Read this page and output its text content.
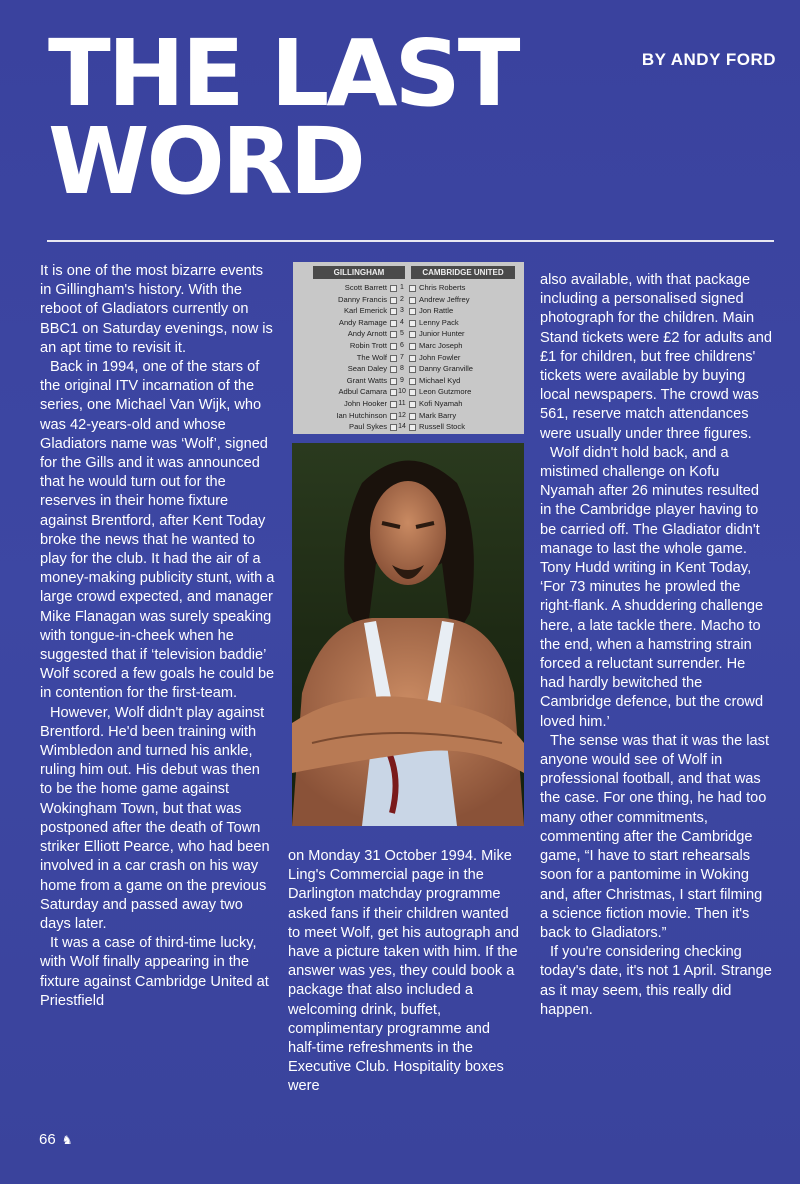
THE LAST
WORD
BY ANDY FORD

It is one of the most bizarre events in Gillingham's history. With the reboot of Gladiators currently on BBC1 on Saturday evenings, now is an apt time to revisit it.

Back in 1994, one of the stars of the original ITV incarnation of the series, one Michael Van Wijk, who was 42-years-old and whose Gladiators name was ‘Wolf’, signed for the Gills and it was announced that he would turn out for the reserves in their home fixture against Brentford, after Kent Today broke the news that he wanted to play for the club. It had the air of a money-making publicity stunt, with a large crowd expected, and manager Mike Flanagan was surely speaking with tongue-in-cheek when he suggested that if ‘television baddie’ Wolf scored a few goals he could be in contention for the first-team.

However, Wolf didn't play against Brentford. He'd been training with Wimbledon and turned his ankle, ruling him out. His debut was then to be the home game against Wokingham Town, but that was postponed after the death of Town striker Elliott Pearce, who had been involved in a car crash on his way home from a game on the previous Saturday and passed away two days later.

It was a case of third-time lucky, with Wolf finally appearing in the fixture against Cambridge United at Priestfield

GILLINGHAM	CAMBRIDGE UNITED
Scott Barrett	1	Chris Roberts
Danny Francis	2	Andrew Jeffrey
Karl Emerick	3	Jon Rattle
Andy Ramage	4	Lenny Pack
Andy Arnott	5	Junior Hunter
Robin Trott	6	Marc Joseph
The Wolf	7	John Fowler
Sean Daley	8	Danny Granville
Grant Watts	9	Michael Kyd
Adbul Camara 10 Leon Gutzmore
John Hooker	11	Kofi Nyamah
Ian Hutchinson 12 Mark Barry
Paul Sykes 14 Russell Stock

on Monday 31 October 1994. Mike Ling's Commercial page in the Darlington matchday programme asked fans if their children wanted to meet Wolf, get his autograph and have a picture taken with him. If the answer was yes, they could book a package that also included a welcoming drink, buffet, complimentary programme and half-time refreshments in the Executive Club. Hospitality boxes were

also available, with that package including a personalised signed photograph for the children. Main Stand tickets were £2 for adults and £1 for children, but free childrens' tickets were available by buying local newspapers. The crowd was 561, reserve match attendances were usually under three figures.

Wolf didn't hold back, and a mistimed challenge on Kofu Nyamah after 26 minutes resulted in the Cambridge player having to be carried off. The Gladiator didn't manage to last the whole game. Tony Hudd writing in Kent Today, ‘For 73 minutes he prowled the right-flank. A shuddering challenge here, a late tackle there. Macho to the end, when a hamstring strain forced a reluctant surrender. He had hardly bewitched the Cambridge defence, but the crowd loved him.’

The sense was that it was the last anyone would see of Wolf in professional football, and that was the case. For one thing, he had too many other commitments, commenting after the Cambridge game, “I have to start rehearsals soon for a pantomime in Woking and, after Christmas, I start filming a science fiction movie. Then it's back to Gladiators.”

If you're considering checking today's date, it's not 1 April. Strange as it may seem, this really did happen.

66 ♞
